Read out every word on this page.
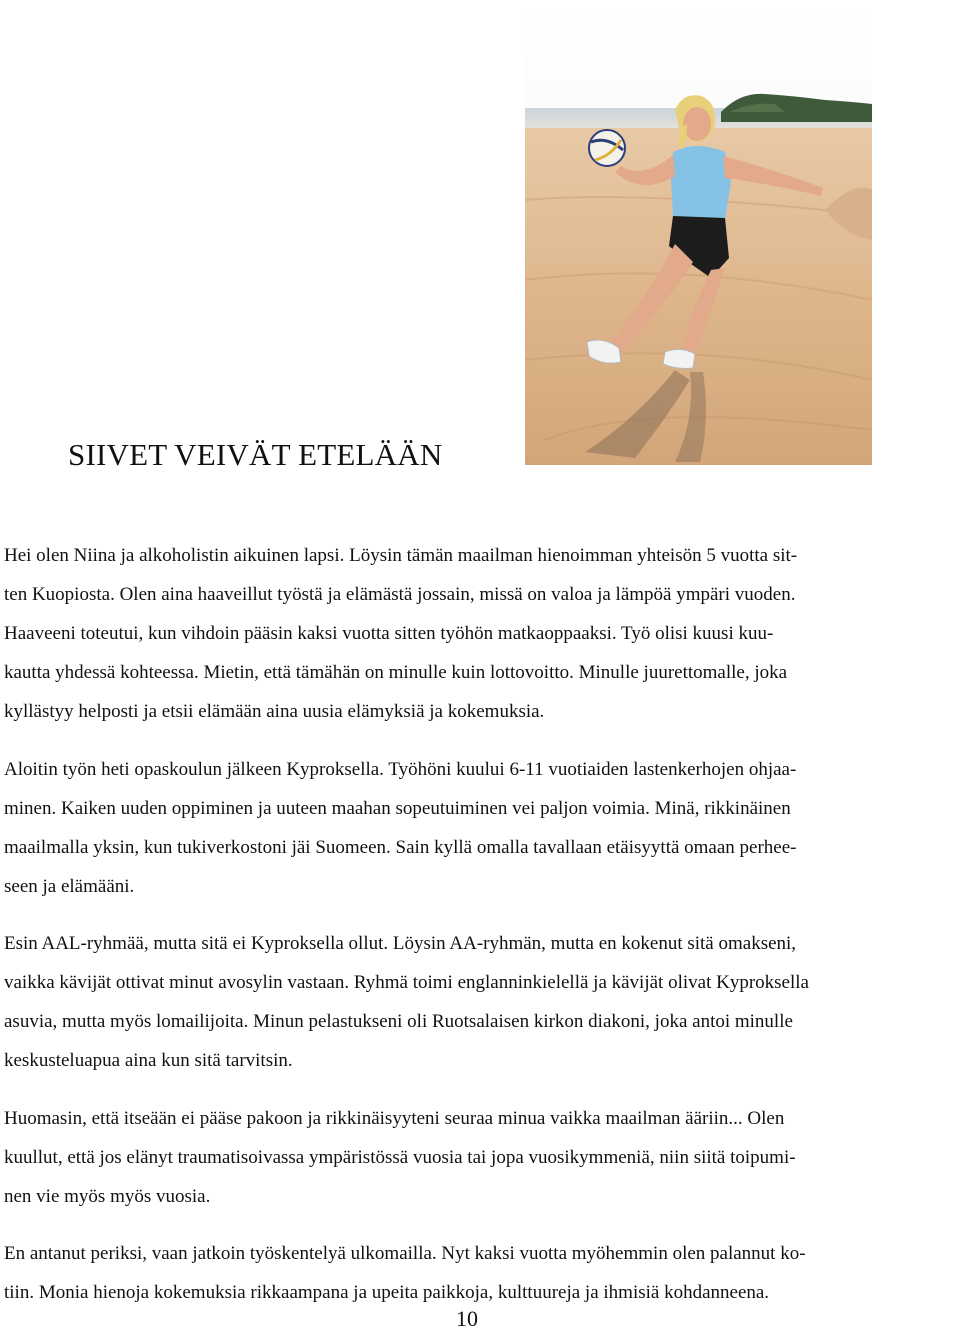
SIIVET VEIVÄT ETELÄÄN
Hei olen Niina ja alkoholistin aikuinen lapsi. Löysin tämän maailman hienoimman yhteisön 5 vuotta sit-
ten Kuopiosta. Olen aina haaveillut työstä ja elämästä jossain, missä on valoa ja lämpöä ympäri vuoden.
Haaveeni toteutui, kun vihdoin pääsin kaksi vuotta sitten työhön matkaoppaaksi. Työ olisi kuusi kuu-
kautta yhdessä kohteessa. Mietin, että tämähän on minulle kuin lottovoitto. Minulle juurettomalle, joka
kyllästyy helposti ja etsii elämään aina uusia elämyksiä ja kokemuksia.
Aloitin työn heti opaskoulun jälkeen Kyproksella. Työhöni kuului 6-11 vuotiaiden lastenkerhojen ohjaa-
minen. Kaiken uuden oppiminen ja uuteen maahan sopeutuiminen vei paljon voimia. Minä, rikkinäinen
maailmalla yksin, kun tukiverkostoni jäi Suomeen. Sain kyllä omalla tavallaan etäisyyttä omaan perhee-
seen ja elämääni.
Esin AAL-ryhmää, mutta sitä ei Kyproksella ollut. Löysin AA-ryhmän, mutta en kokenut sitä omakseni,
vaikka kävijät ottivat minut avosylin vastaan. Ryhmä toimi englanninkielellä ja kävijät olivat Kyproksella
asuvia, mutta myös lomailijoita. Minun pelastukseni oli Ruotsalaisen kirkon diakoni, joka antoi minulle
keskusteluapua aina kun sitä tarvitsin.
Huomasin, että itseään ei pääse pakoon ja rikkinäisyyteni seuraa minua vaikka maailman ääriin... Olen
kuullut, että jos elänyt traumatisoivassa ympäristössä vuosia tai jopa vuosikymmeniä, niin siitä toipumi-
nen vie myös myös vuosia.
En antanut periksi, vaan jatkoin työskentelyä ulkomailla. Nyt kaksi vuotta myöhemmin olen palannut ko-
tiin. Monia hienoja kokemuksia rikkaampana ja upeita paikkoja, kulttuureja ja ihmisiä kohdanneena.
10
